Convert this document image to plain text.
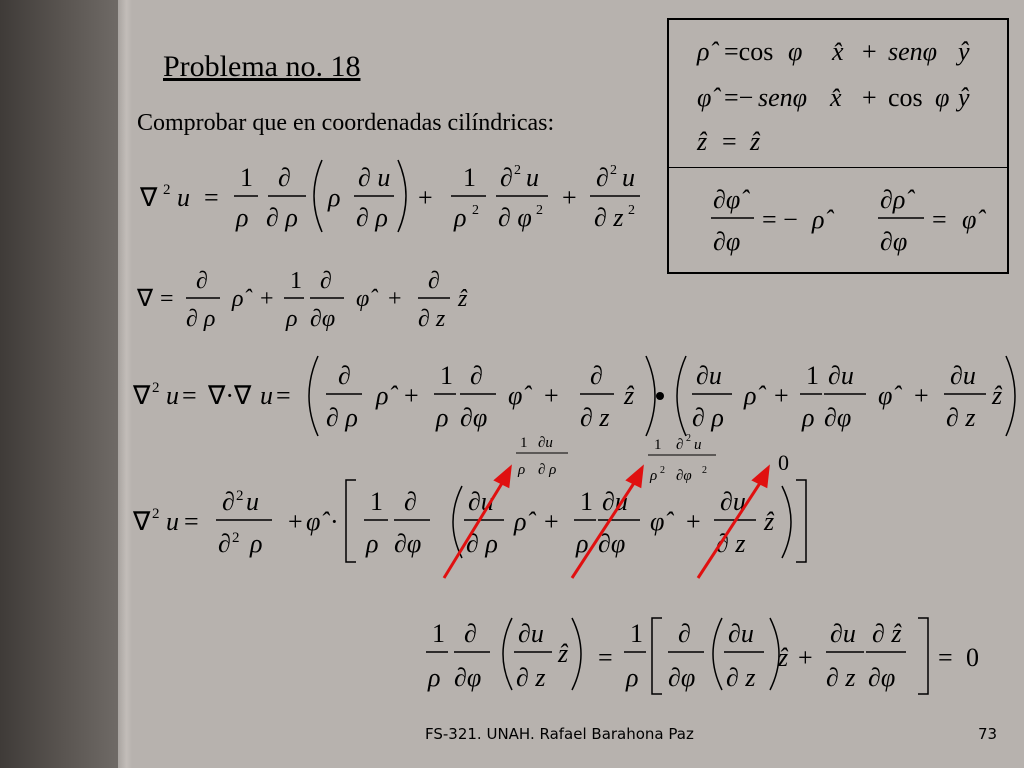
Problema no. 18
Comprobar que en coordenadas cilíndricas:
ρ̂ =cos φ x̂ + senφ ŷ
φ̂ =− senφ x̂ + cos φ ŷ
ẑ = ẑ
∂φ̂
∂φ
= − ρ̂
∂ρ̂
∂φ
= φ̂
∇ 2 u =
1
ρ
∂
∂ ρ
ρ
∂ u
∂ ρ
+
1
ρ 2
∂ 2 u
∂ φ 2 +
∂ 2 u
∂ z 2
∇ =
∂
∂ ρ
ρ̂ +
1
ρ
∂
∂φ
φ̂ +
∂
∂ z
ẑ
∇ 2 u = ∇·∇ u =
∂
∂ ρ
ρ̂ +
1
ρ
∂
∂φ
φ̂ +
∂
∂ z
ẑ
∂u
∂ ρ
ρ̂ +
1
ρ
∂u
∂φ
φ̂ +
∂u
∂ z
ẑ
1 ∂u
ρ ∂ ρ
1 ∂ 2 u
ρ 2 ∂φ 2	0
∇ 2 u =
∂ 2 u
∂ 2 ρ
+ φ̂ ·
1
ρ
∂
∂φ
∂u
∂ ρ
ρ̂ +
1
ρ
∂u
∂φ
φ̂ +
∂u
∂ z
ẑ
1
ρ
∂
∂φ
∂u
∂ z
ẑ =
1
ρ
∂
∂φ
∂u
∂ z
ẑ +
∂u
∂ z
∂ ẑ
∂φ
= 0
FS-321. UNAH. Rafael Barahona Paz	73
